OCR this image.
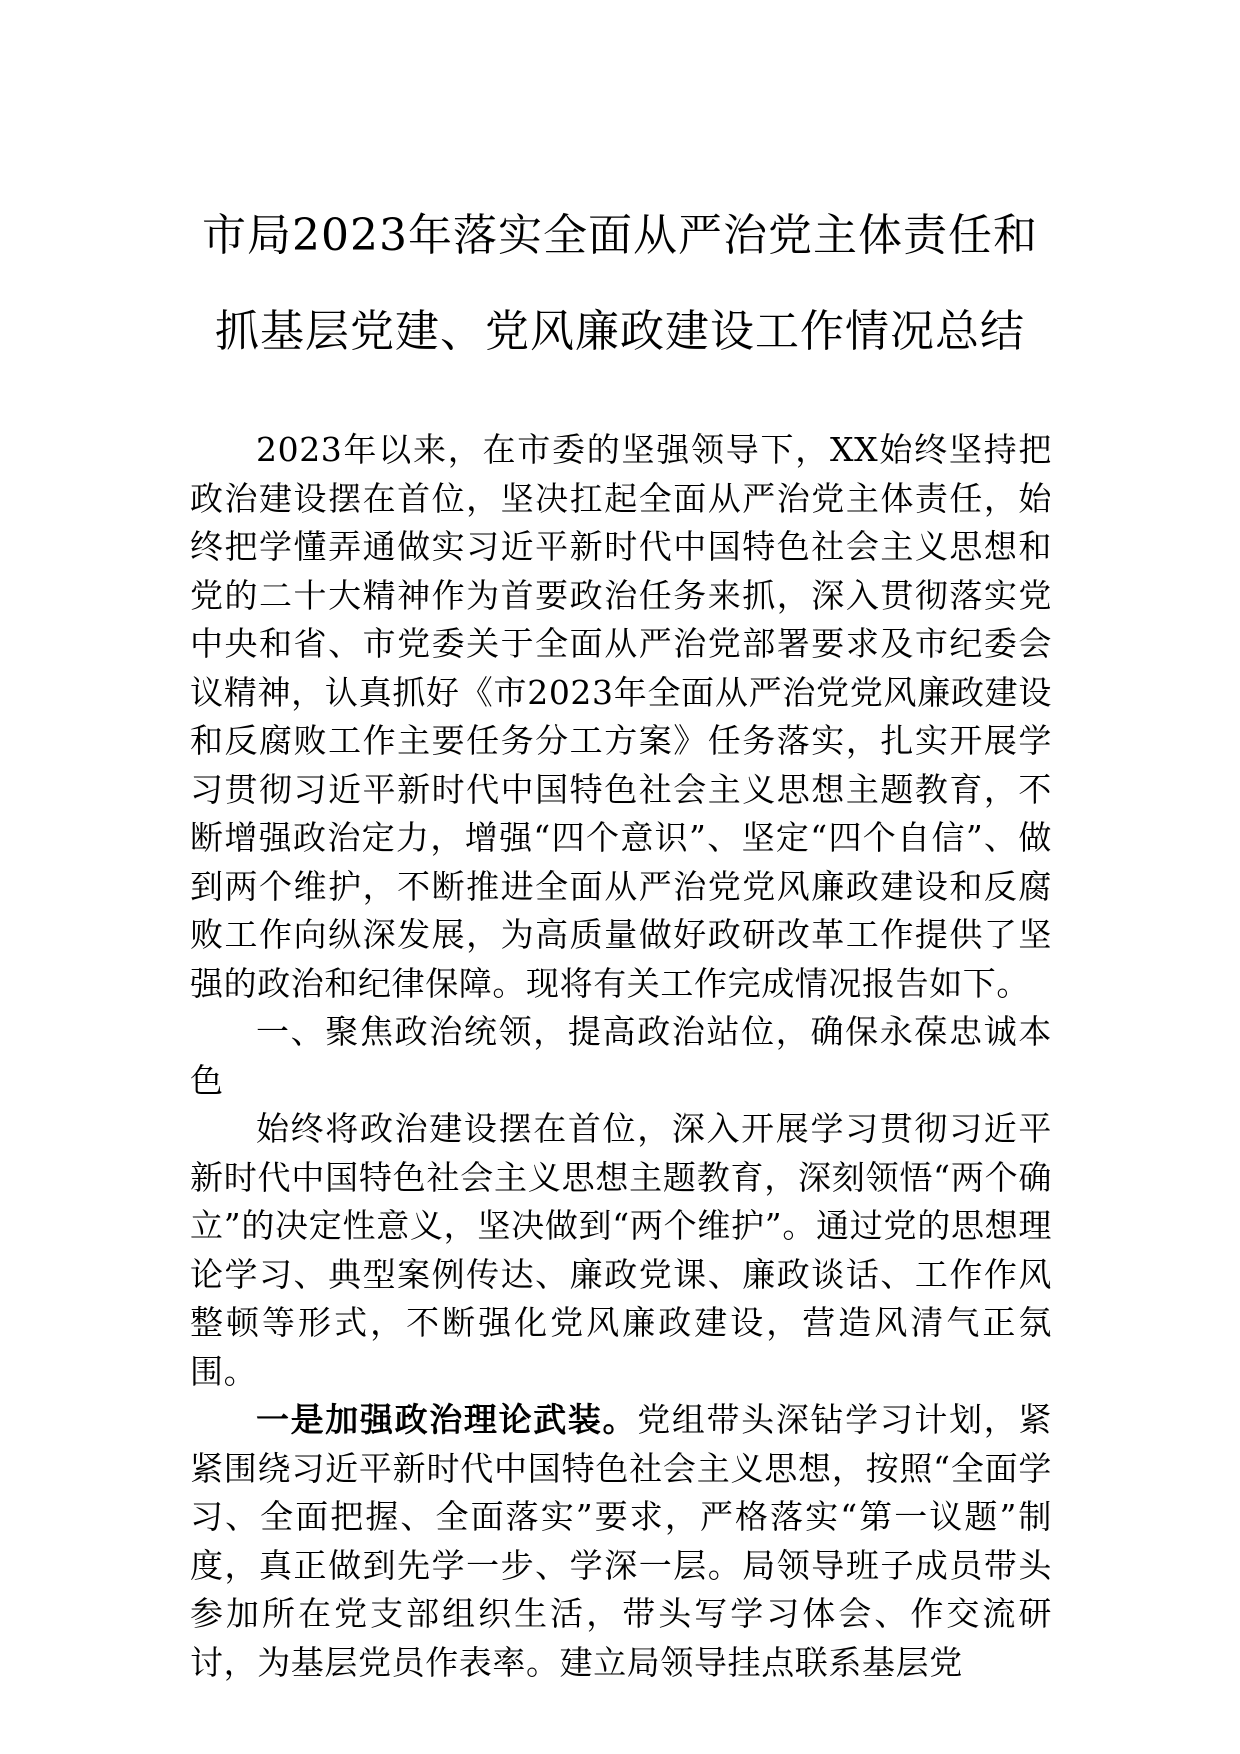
市局2023年落实全面从严治党主体责任和
抓基层党建、党风廉政建设工作情况总结

2023年以来，在市委的坚强领导下，XX始终坚持把政治建设摆在首位，坚决扛起全面从严治党主体责任，始终把学懂弄通做实习近平新时代中国特色社会主义思想和党的二十大精神作为首要政治任务来抓，深入贯彻落实党中央和省、市党委关于全面从严治党部署要求及市纪委会议精神，认真抓好《市2023年全面从严治党党风廉政建设和反腐败工作主要任务分工方案》任务落实，扎实开展学习贯彻习近平新时代中国特色社会主义思想主题教育，不断增强政治定力，增强“四个意识”、坚定“四个自信”、做到两个维护，不断推进全面从严治党党风廉政建设和反腐败工作向纵深发展，为高质量做好政研改革工作提供了坚强的政治和纪律保障。现将有关工作完成情况报告如下。

一、聚焦政治统领，提高政治站位，确保永葆忠诚本色

始终将政治建设摆在首位，深入开展学习贯彻习近平新时代中国特色社会主义思想主题教育，深刻领悟“两个确立”的决定性意义，坚决做到“两个维护”。通过党的思想理论学习、典型案例传达、廉政党课、廉政谈话、工作作风整顿等形式，不断强化党风廉政建设，营造风清气正氛围。

一是加强政治理论武装。党组带头深钻学习计划，紧紧围绕习近平新时代中国特色社会主义思想，按照“全面学习、全面把握、全面落实”要求，严格落实“第一议题”制度，真正做到先学一步、学深一层。局领导班子成员带头参加所在党支部组织生活，带头写学习体会、作交流研讨，为基层党员作表率。建立局领导挂点联系基层党
